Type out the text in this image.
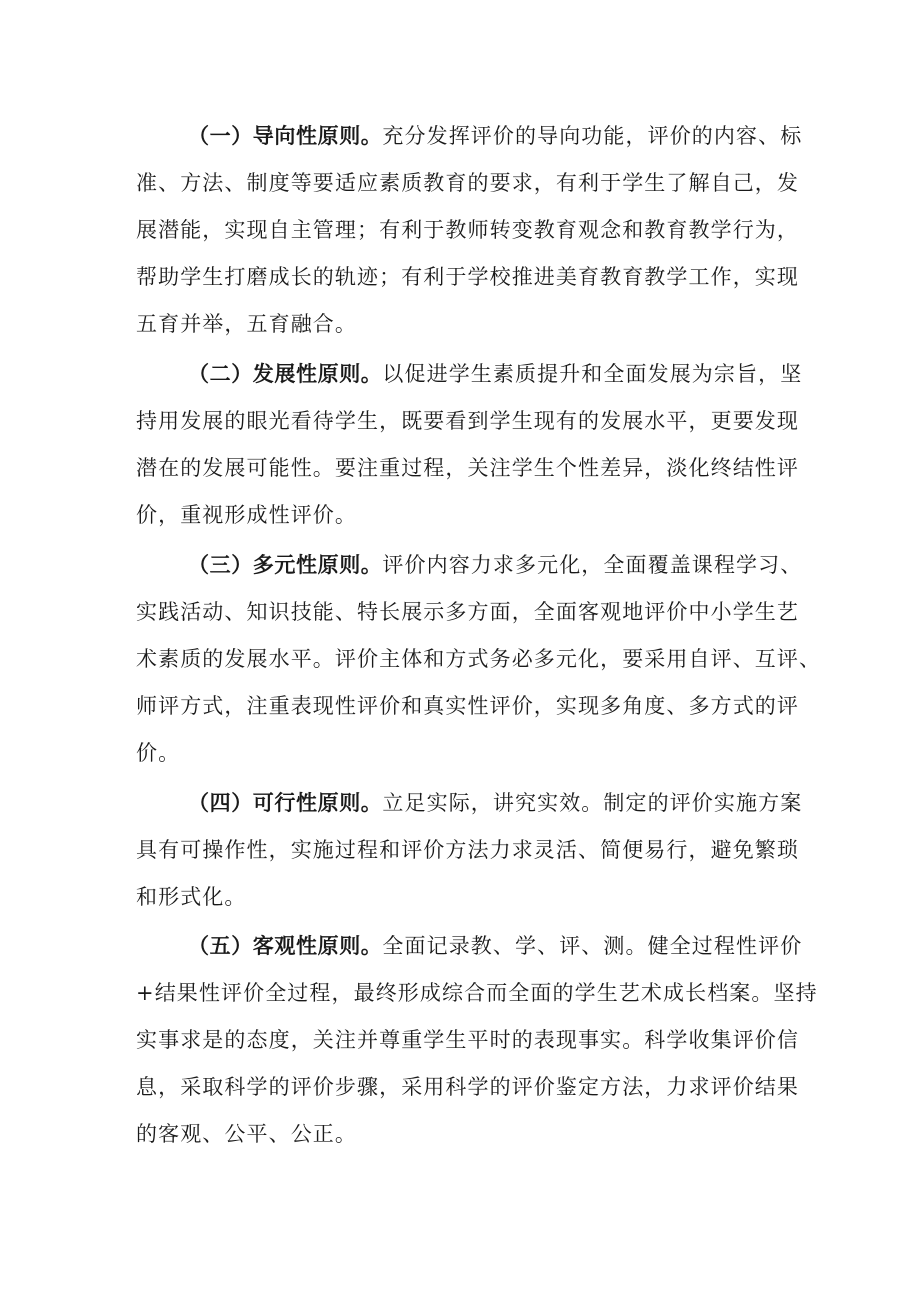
（一）导向性原则。充分发挥评价的导向功能，评价的内容、标
准、方法、制度等要适应素质教育的要求，有利于学生了解自己，发
展潜能，实现自主管理；有利于教师转变教育观念和教育教学行为，
帮助学生打磨成长的轨迹；有利于学校推进美育教育教学工作，实现
五育并举，五育融合。
（二）发展性原则。以促进学生素质提升和全面发展为宗旨，坚
持用发展的眼光看待学生，既要看到学生现有的发展水平，更要发现
潜在的发展可能性。要注重过程，关注学生个性差异，淡化终结性评
价，重视形成性评价。
（三）多元性原则。评价内容力求多元化，全面覆盖课程学习、
实践活动、知识技能、特长展示多方面，全面客观地评价中小学生艺
术素质的发展水平。评价主体和方式务必多元化，要采用自评、互评、
师评方式，注重表现性评价和真实性评价，实现多角度、多方式的评
价。
（四）可行性原则。立足实际，讲究实效。制定的评价实施方案
具有可操作性，实施过程和评价方法力求灵活、简便易行，避免繁琐
和形式化。
（五）客观性原则。全面记录教、学、评、测。健全过程性评价
+结果性评价全过程，最终形成综合而全面的学生艺术成长档案。坚持
实事求是的态度，关注并尊重学生平时的表现事实。科学收集评价信
息，采取科学的评价步骤，采用科学的评价鉴定方法，力求评价结果
的客观、公平、公正。
